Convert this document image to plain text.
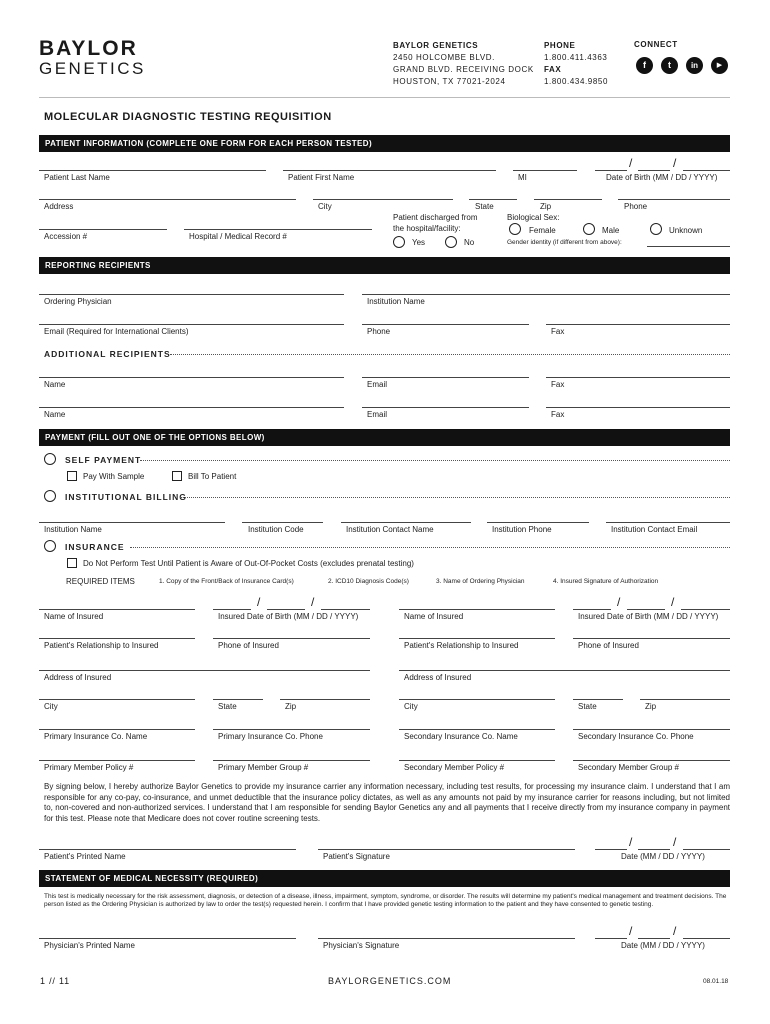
BAYLOR
GENETICS
BAYLOR GENETICS
2450 HOLCOMBE BLVD.
GRAND BLVD. RECEIVING DOCK
HOUSTON, TX 77021-2024
PHONE
1.800.411.4363
FAX
1.800.434.9850
CONNECT
f	t	in	▶
MOLECULAR DIAGNOSTIC TESTING REQUISITION
PATIENT INFORMATION (COMPLETE ONE FORM FOR EACH PERSON TESTED)
/	/
Patient Last Name	Patient First Name	MI	Date of Birth (MM / DD / YYYY)
Address	City	State	Zip	Phone
Patient discharged from
the hospital/facility:
Yes	No
Biological Sex:
Female	Male	Unknown
Gender identity (if different from above):
Accession #	Hospital / Medical Record #
REPORTING RECIPIENTS
Ordering Physician	Institution Name
Email (Required for International Clients)	Phone	Fax
ADDITIONAL RECIPIENTS
Name	Email	Fax
Name	Email	Fax
PAYMENT (FILL OUT ONE OF THE OPTIONS BELOW)
SELF PAYMENT
Pay With Sample	Bill To Patient
INSTITUTIONAL BILLING
Institution Name	Institution Code	Institution Contact Name	Institution Phone	Institution Contact Email
INSURANCE
Do Not Perform Test Until Patient is Aware of Out-Of-Pocket Costs (excludes prenatal testing)
REQUIRED ITEMS	1. Copy of the Front/Back of Insurance Card(s)	2. ICD10 Diagnosis Code(s)	3. Name of Ordering Physician	4. Insured Signature of Authorization
/	/
Name of Insured	Insured Date of Birth (MM / DD / YYYY)
Patient's Relationship to Insured	Phone of Insured
Address of Insured
City	State	Zip
Primary Insurance Co. Name	Primary Insurance Co. Phone
Primary Member Policy #	Primary Member Group #
/	/
Name of Insured	Insured Date of Birth (MM / DD / YYYY)
Patient's Relationship to Insured	Phone of Insured
Address of Insured
City	State	Zip
Secondary Insurance Co. Name	Secondary Insurance Co. Phone
Secondary Member Policy #	Secondary Member Group #
By signing below, I hereby authorize Baylor Genetics to provide my insurance carrier any information necessary, including test results, for processing my insurance claim. I understand that I am responsible for any co-pay, co-insurance, and unmet deductible that the insurance policy dictates, as well as any amounts not paid by my insurance carrier for reasons including, but not limited to, non-covered and non-authorized services. I understand that I am responsible for sending Baylor Genetics any and all payments that I receive directly from my insurance company in payment for this test. Please note that Medicare does not cover routine screening tests.
/	/
Patient's Printed Name	Patient's Signature	Date (MM / DD / YYYY)
STATEMENT OF MEDICAL NECESSITY (REQUIRED)
This test is medically necessary for the risk assessment, diagnosis, or detection of a disease, illness, impairment, symptom, syndrome, or disorder. The results will determine my patient's medical management and treatment decisions. The person listed as the Ordering Physician is authorized by law to order the test(s) requested herein. I confirm that I have provided genetic testing information to the patient and they have consented to genetic testing.
/	/
Physician's Printed Name	Physician's Signature	Date (MM / DD / YYYY)
1 // 11	BAYLORGENETICS.COM	08.01.18
